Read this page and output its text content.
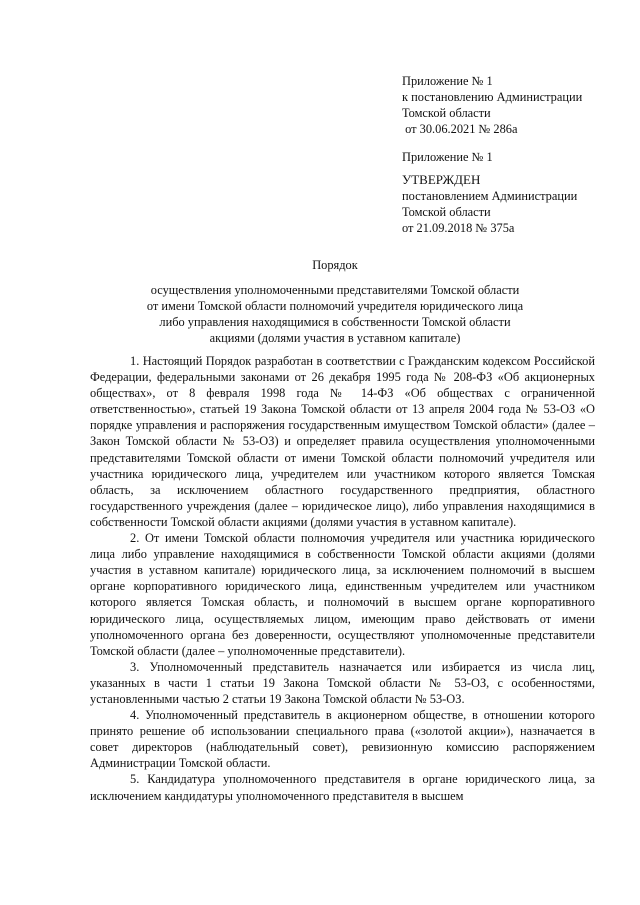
Приложение № 1
к постановлению Администрации
Томской области
от 30.06.2021 № 286а
Приложение № 1
УТВЕРЖДЕН
постановлением Администрации
Томской области
от 21.09.2018 № 375а
Порядок
осуществления уполномоченными представителями Томской области
от имени Томской области полномочий учредителя юридического лица
либо управления находящимися в собственности Томской области
акциями (долями участия в уставном капитале)

1. Настоящий Порядок разработан в соответствии с Гражданским кодексом Российской Федерации, федеральными законами от 26 декабря 1995 года № 208-ФЗ «Об акционерных обществах», от 8 февраля 1998 года № 14-ФЗ «Об обществах с ограниченной ответственностью», статьей 19 Закона Томской области от 13 апреля 2004 года № 53-ОЗ «О порядке управления и распоряжения государственным имуществом Томской области» (далее – Закон Томской области № 53-ОЗ) и определяет правила осуществления уполномоченными представителями Томской области от имени Томской области полномочий учредителя или участника юридического лица, учредителем или участником которого является Томская область, за исключением областного государственного предприятия, областного государственного учреждения (далее – юридическое лицо), либо управления находящимися в собственности Томской области акциями (долями участия в уставном капитале).

2. От имени Томской области полномочия учредителя или участника юридического лица либо управление находящимися в собственности Томской области акциями (долями участия в уставном капитале) юридического лица, за исключением полномочий в высшем органе корпоративного юридического лица, единственным учредителем или участником которого является Томская область, и полномочий в высшем органе корпоративного юридического лица, осуществляемых лицом, имеющим право действовать от имени уполномоченного органа без доверенности, осуществляют уполномоченные представители Томской области (далее – уполномоченные представители).

3. Уполномоченный представитель назначается или избирается из числа лиц, указанных в части 1 статьи 19 Закона Томской области № 53-ОЗ, с особенностями, установленными частью 2 статьи 19 Закона Томской области № 53-ОЗ.

4. Уполномоченный представитель в акционерном обществе, в отношении которого принято решение об использовании специального права («золотой акции»), назначается в совет директоров (наблюдательный совет), ревизионную комиссию распоряжением Администрации Томской области.

5. Кандидатура уполномоченного представителя в органе юридического лица, за исключением кандидатуры уполномоченного представителя в высшем
